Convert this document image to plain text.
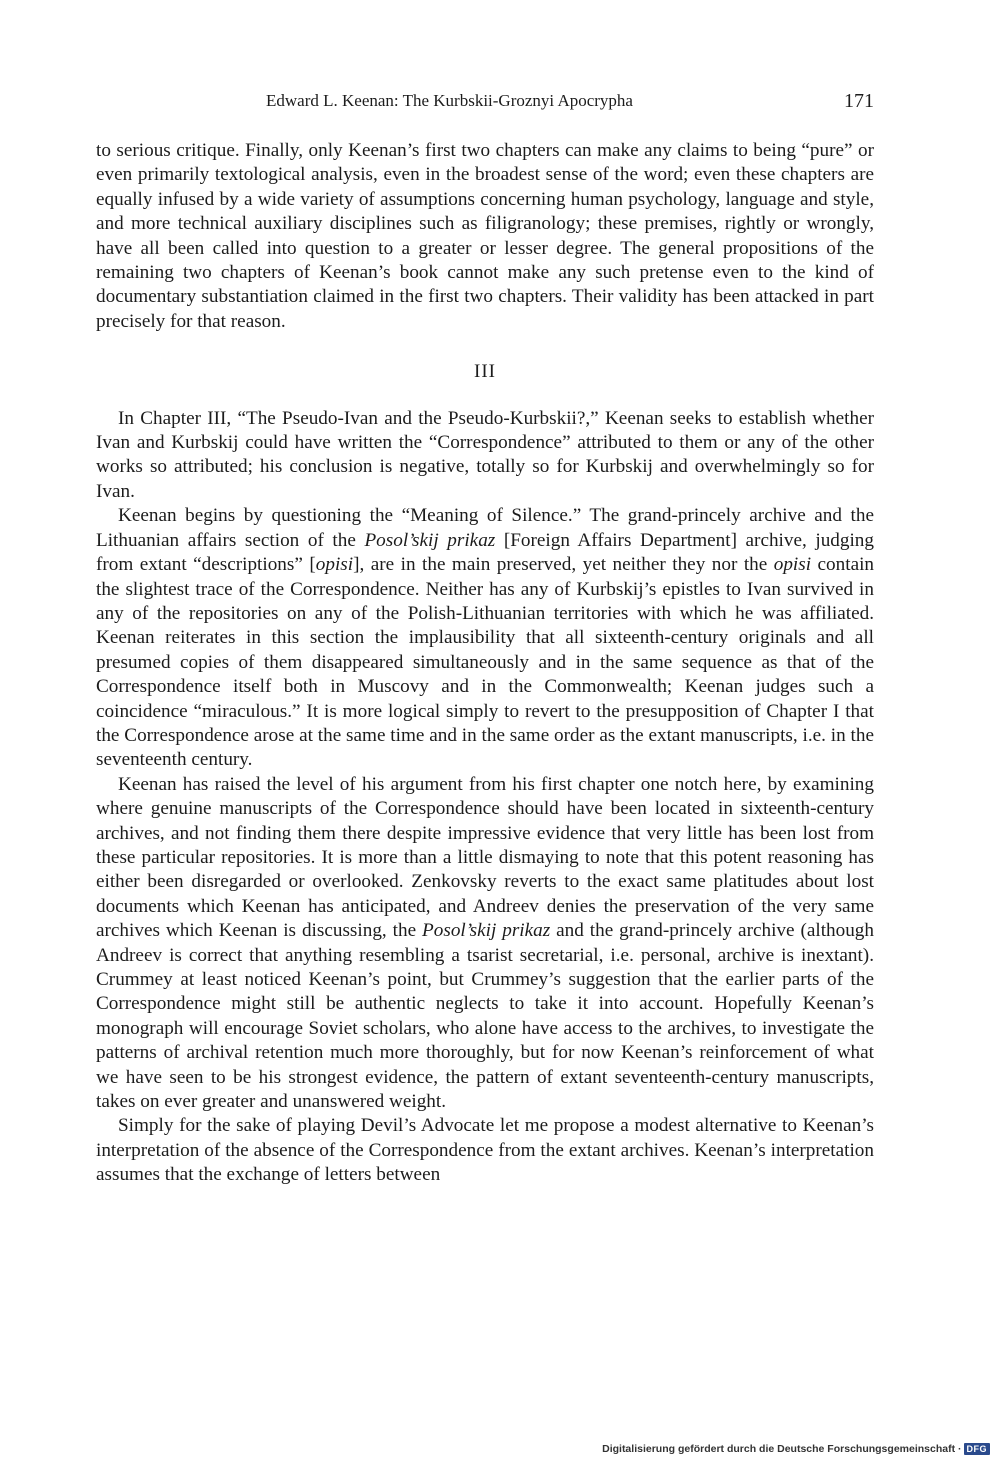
Edward L. Keenan: The Kurbskii-Groznyi Apocrypha	171

to serious critique. Finally, only Keenan’s first two chapters can make any claims to being “pure” or even primarily textological analysis, even in the broadest sense of the word; even these chapters are equally infused by a wide variety of assumptions concerning human psychology, language and style, and more technical auxiliary disciplines such as filigranology; these premises, rightly or wrongly, have all been called into question to a greater or lesser degree. The general propositions of the remaining two chapters of Keenan’s book cannot make any such pretense even to the kind of documentary substantiation claimed in the first two chapters. Their validity has been attacked in part precisely for that reason.

III

In Chapter III, “The Pseudo-Ivan and the Pseudo-Kurbskii?,” Keenan seeks to establish whether Ivan and Kurbskij could have written the “Correspondence” attributed to them or any of the other works so attributed; his conclusion is negative, totally so for Kurbskij and overwhelmingly so for Ivan.

Keenan begins by questioning the “Meaning of Silence.” The grand-princely archive and the Lithuanian affairs section of the Posol’skij prikaz [Foreign Affairs Department] archive, judging from extant “descriptions” [opisi], are in the main preserved, yet neither they nor the opisi contain the slightest trace of the Correspondence. Neither has any of Kurbskij’s epistles to Ivan survived in any of the repositories on any of the Polish-Lithuanian territories with which he was affiliated. Keenan reiterates in this section the implausibility that all sixteenth-century originals and all presumed copies of them disappeared simultaneously and in the same sequence as that of the Correspondence itself both in Muscovy and in the Commonwealth; Keenan judges such a coincidence “miraculous.” It is more logical simply to revert to the presupposition of Chapter I that the Correspondence arose at the same time and in the same order as the extant manuscripts, i.e. in the seventeenth century.

Keenan has raised the level of his argument from his first chapter one notch here, by examining where genuine manuscripts of the Correspondence should have been located in sixteenth-century archives, and not finding them there despite impressive evidence that very little has been lost from these particular repositories. It is more than a little dismaying to note that this potent reasoning has either been disregarded or overlooked. Zenkovsky reverts to the exact same platitudes about lost documents which Keenan has anticipated, and Andreev denies the preservation of the very same archives which Keenan is discussing, the Posol’skij prikaz and the grand-princely archive (although Andreev is correct that anything resembling a tsarist secretarial, i.e. personal, archive is inextant). Crummey at least noticed Keenan’s point, but Crummey’s suggestion that the earlier parts of the Correspondence might still be authentic neglects to take it into account. Hopefully Keenan’s monograph will encourage Soviet scholars, who alone have access to the archives, to investigate the patterns of archival retention much more thoroughly, but for now Keenan’s reinforcement of what we have seen to be his strongest evidence, the pattern of extant seventeenth-century manuscripts, takes on ever greater and unanswered weight.

Simply for the sake of playing Devil’s Advocate let me propose a modest alternative to Keenan’s interpretation of the absence of the Correspondence from the extant archives. Keenan’s interpretation assumes that the exchange of letters between

Digitalisierung gefördert durch die Deutsche Forschungsgemeinschaft · DFG
